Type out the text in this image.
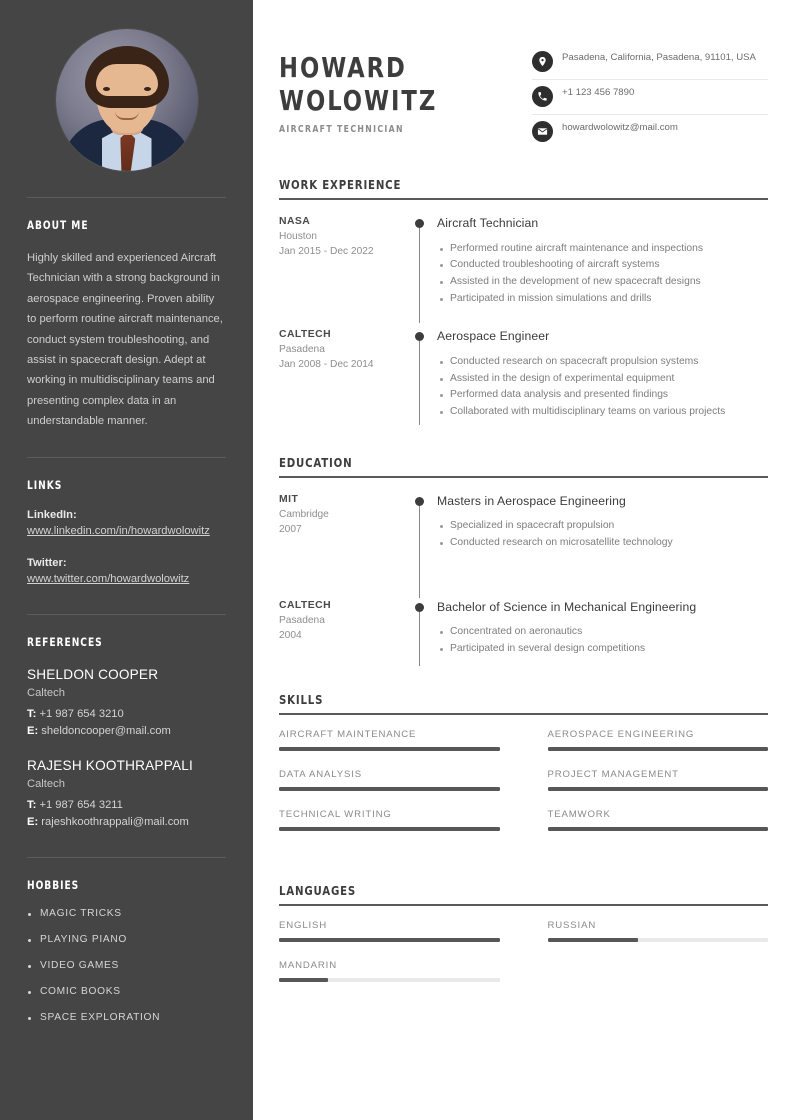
ABOUT ME

Highly skilled and experienced Aircraft Technician with a strong background in aerospace engineering. Proven ability to perform routine aircraft maintenance, conduct system troubleshooting, and assist in spacecraft design. Adept at working in multidisciplinary teams and presenting complex data in an understandable manner.

LINKS
LinkedIn:
www.linkedin.com/in/howardwolowitz
Twitter:
www.twitter.com/howardwolowitz
REFERENCES
SHELDON COOPER
Caltech
T: +1 987 654 3210
E: sheldoncooper@mail.com
RAJESH KOOTHRAPPALI
Caltech
T: +1 987 654 3211
E: rajeshkoothrappali@mail.com
HOBBIES
MAGIC TRICKS
PLAYING PIANO
VIDEO GAMES
COMIC BOOKS
SPACE EXPLORATION
HOWARD
WOLOWITZ
AIRCRAFT TECHNICIAN
Pasadena, California, Pasadena, 91101, USA
+1 123 456 7890
howardwolowitz@mail.com
WORK EXPERIENCE
NASA
Houston
Jan 2015 - Dec 2022
Aircraft Technician
Performed routine aircraft maintenance and inspections
Conducted troubleshooting of aircraft systems
Assisted in the development of new spacecraft designs
Participated in mission simulations and drills
CALTECH
Pasadena
Jan 2008 - Dec 2014
Aerospace Engineer
Conducted research on spacecraft propulsion systems
Assisted in the design of experimental equipment
Performed data analysis and presented findings
Collaborated with multidisciplinary teams on various projects
EDUCATION
MIT
Cambridge
2007
Masters in Aerospace Engineering
Specialized in spacecraft propulsion
Conducted research on microsatellite technology
CALTECH
Pasadena
2004
Bachelor of Science in Mechanical Engineering
Concentrated on aeronautics
Participated in several design competitions
SKILLS
AIRCRAFT MAINTENANCE	AEROSPACE ENGINEERING
DATA ANALYSIS	PROJECT MANAGEMENT
TECHNICAL WRITING	TEAMWORK
LANGUAGES
ENGLISH	RUSSIAN
MANDARIN
